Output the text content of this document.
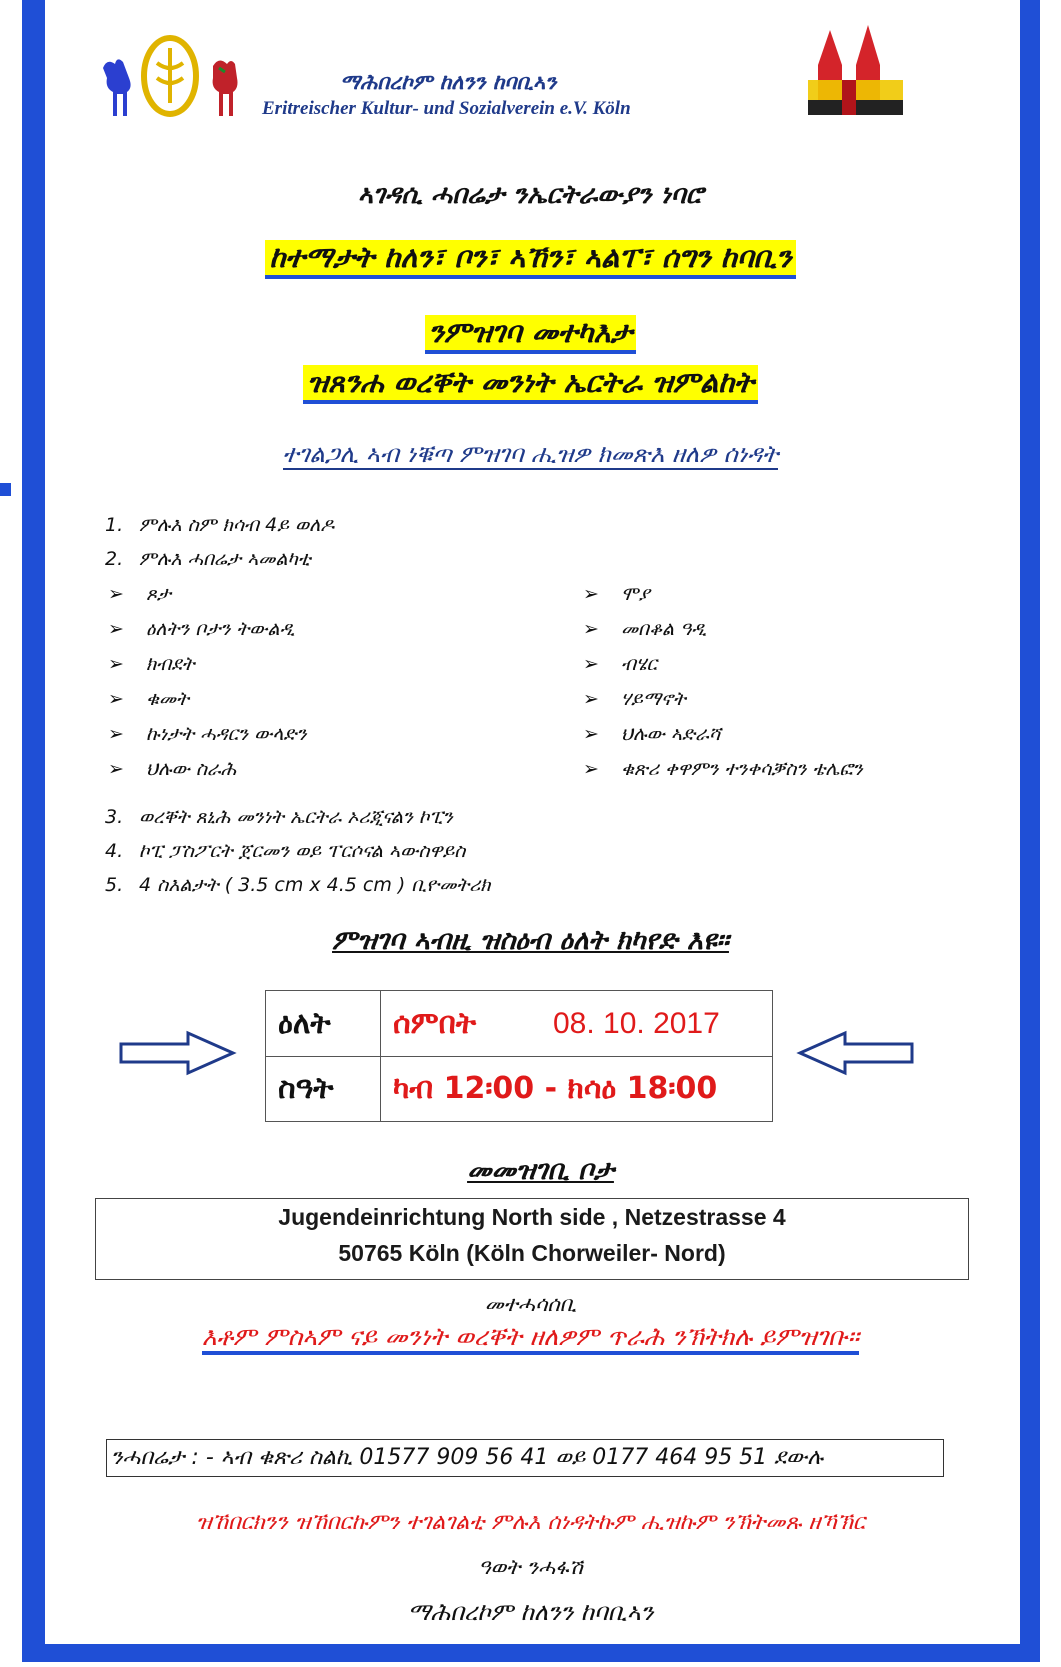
ማሕበረኮም ከለንን ከባቢኣን
Eritreischer Kultur- und Sozialverein e.V. Köln
ኣገዳሲ ሓበሬታ ንኤርትራውያን ነባሮ
ከተማታት ከለን፣ ቦን፣ ኣኸን፣ ኣልፐ፣ ሰግን ከባቢን
ንምዝገባ መተካእታ
ዝጸንሐ ወረቐት መንነት ኤርትራ ዝምልከት
ተገልጋሊ ኣብ ነቑጣ ምዝገባ ሒዝዎ ክመጽእ ዘለዎ ሰነዳት
1. ምሉእ ስም ክሳብ 4ይ ወለዶ
2. ምሉእ ሓበሬታ ኣመልካቲ
➢ ጾታ
➢ ዕለትን ቦታን ትውልዲ
➢ ክብደት
➢ ቁመት
➢ ኩነታት ሓዳርን ውላድን
➢ ህሉው ስራሕ
➢ ሞያ
➢ መበቆል ዓዲ
➢ ብሄር
➢ ሃይማኖት
➢ ህሉው ኣድራሻ
➢ ቁጽሪ ቀዋምን ተንቀሳቓስን ቴሌፎን
3. ወረቐት ጸኒሕ መንነት ኤርትራ ኦሪጂናልን ኮፒን
4. ኮፒ ፓስፖርት ጀርመን ወይ ፐርሶናል ኣውስዋይስ
5. 4 ስእልታት ( 3.5 cm x 4.5 cm ) ቢዮመትሪክ
ምዝገባ ኣብዚ ዝስዕብ ዕለት ክካየድ እዩ።
ዕለት	ሰምበት 08. 10. 2017
ስዓት	ካብ 12፡00 - ክሳዕ 18፡00
መመዝገቢ ቦታ
Jugendeinrichtung North side , Netzestrasse 4
50765 Köln (Köln Chorweiler- Nord)
መተሓሳሰቢ
እቶም ምስኣም ናይ መንነት ወረቐት ዘለዎም ጥራሕ ንኽትክሉ ይምዝገቡ።
ንሓበሬታ : - ኣብ ቁጽሪ ስልኪ 01577 909 56 41 ወይ 0177 464 95 51 ደውሉ
ዝኸበርክንን ዝኸበርኩምን ተገልገልቲ ምሉእ ሰነዳትኩም ሒዝኩም ንኽትመጹ ዘኻኽር
ዓወት ንሓፋሽ
ማሕበረኮም ከለንን ከባቢኣን
